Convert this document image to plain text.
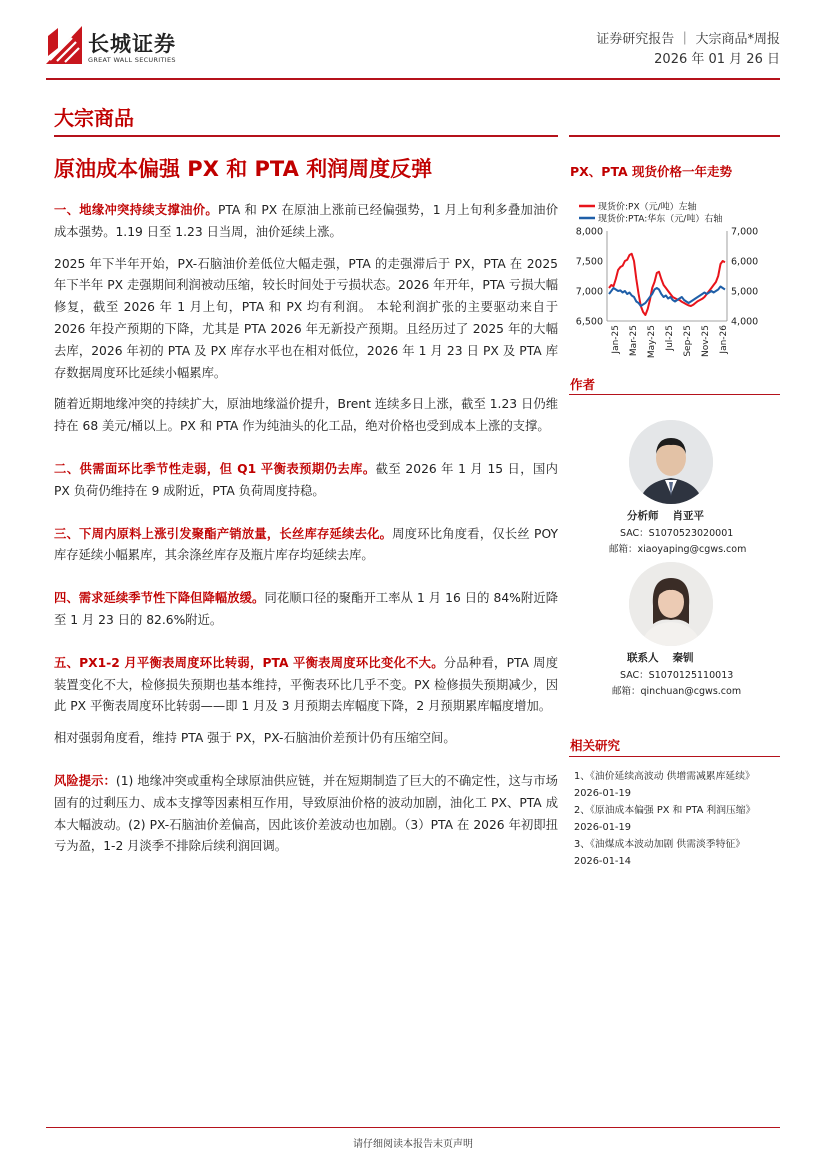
长城证券
GREAT WALL SECURITIES
证券研究报告 ｜ 大宗商品*周报
2026 年 01 月 26 日
大宗商品
原油成本偏强 PX 和 PTA 利润周度反弹

一、地缘冲突持续支撑油价。PTA 和 PX 在原油上涨前已经偏强势，1 月上旬利多叠加油价成本强势。1.19 日至 1.23 日当周，油价延续上涨。

2025 年下半年开始，PX-石脑油价差低位大幅走强，PTA 的走强滞后于 PX，PTA 在 2025 年下半年 PX 走强期间利润被动压缩，较长时间处于亏损状态。2026 年开年，PTA 亏损大幅修复，截至 2026 年 1 月上旬，PTA 和 PX 均有利润。 本轮利润扩张的主要驱动来自于 2026 年投产预期的下降，尤其是 PTA 2026 年无新投产预期。且经历过了 2025 年的大幅去库，2026 年初的 PTA 及 PX 库存水平也在相对低位，2026 年 1 月 23 日 PX 及 PTA 库存数据周度环比延续小幅累库。

随着近期地缘冲突的持续扩大，原油地缘溢价提升，Brent 连续多日上涨，截至 1.23 日仍维持在 68 美元/桶以上。PX 和 PTA 作为纯油头的化工品，绝对价格也受到成本上涨的支撑。

二、供需面环比季节性走弱，但 Q1 平衡表预期仍去库。截至 2026 年 1 月 15 日，国内 PX 负荷仍维持在 9 成附近，PTA 负荷周度持稳。

三、下周内原料上涨引发聚酯产销放量，长丝库存延续去化。周度环比角度看，仅长丝 POY 库存延续小幅累库，其余涤丝库存及瓶片库存均延续去库。

四、需求延续季节性下降但降幅放缓。同花顺口径的聚酯开工率从 1 月 16 日的 84%附近降至 1 月 23 日的 82.6%附近。

五、PX1-2 月平衡表周度环比转弱，PTA 平衡表周度环比变化不大。分品种看，PTA 周度装置变化不大，检修损失预期也基本维持，平衡表环比几乎不变。PX 检修损失预期减少，因此 PX 平衡表周度环比转弱——即 1 月及 3 月预期去库幅度下降，2 月预期累库幅度增加。

相对强弱角度看，维持 PTA 强于 PX，PX-石脑油价差预计仍有压缩空间。

风险提示：(1) 地缘冲突或重构全球原油供应链，并在短期制造了巨大的不确定性，这与市场固有的过剩压力、成本支撑等因素相互作用，导致原油价格的波动加剧，油化工 PX、PTA 成本大幅波动。(2) PX-石脑油价差偏高，因此该价差波动也加剧。（3）PTA 在 2026 年初即扭亏为盈，1-2 月淡季不排除后续利润回调。

PX、PTA 现货价格一年走势
现货价:PX（元/吨）左轴
现货价:PTA:华东（元/吨）右轴
8,000
7,500
7,000
6,500
7,000
6,000
5,000
4,000
Jan-25 Mar-25 May-25 Jul-25 Sep-25 Nov-25 Jan-26
作者
分析师 肖亚平
SAC：S1070523020001
邮箱：xiaoyaping@cgws.com
联系人 秦钏
SAC：S1070125110013
邮箱：qinchuan@cgws.com
相关研究
1、《油价延续高波动 供增需减累库延续》
2026-01-19
2、《原油成本偏强 PX 和 PTA 利润压缩》
2026-01-19
3、《油煤成本波动加剧 供需淡季特征》
2026-01-14
请仔细阅读本报告末页声明
